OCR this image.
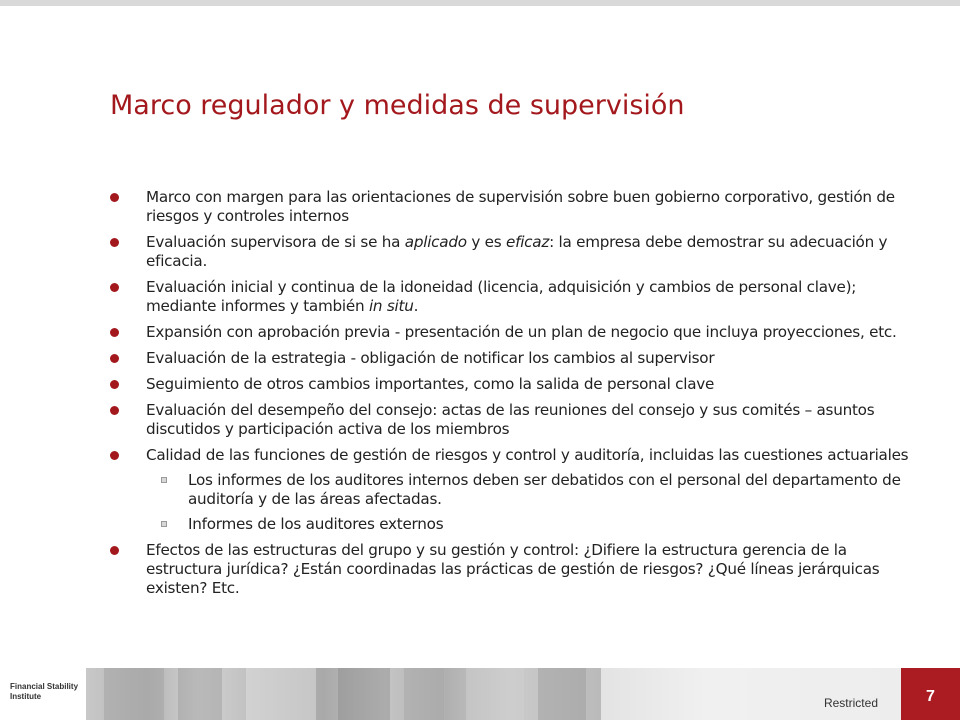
Marco regulador y medidas de supervisión
Marco con margen para las orientaciones de supervisión sobre buen gobierno corporativo, gestión de riesgos y controles internos
Evaluación supervisora de si se ha aplicado y es eficaz: la empresa debe demostrar su adecuación y eficacia.
Evaluación inicial y continua de la idoneidad (licencia, adquisición y cambios de personal clave); mediante informes y también in situ.
Expansión con aprobación previa - presentación de un plan de negocio que incluya proyecciones, etc.
Evaluación de la estrategia - obligación de notificar los cambios al supervisor
Seguimiento de otros cambios importantes, como la salida de personal clave
Evaluación del desempeño del consejo: actas de las reuniones del consejo y sus comités – asuntos discutidos y participación activa de los miembros
Calidad de las funciones de gestión de riesgos y control y auditoría, incluidas las cuestiones actuariales
Los informes de los auditores internos deben ser debatidos con el personal del departamento de auditoría y de las áreas afectadas.
Informes de los auditores externos
Efectos de las estructuras del grupo y su gestión y control: ¿Difiere la estructura gerencia de la estructura jurídica? ¿Están coordinadas las prácticas de gestión de riesgos? ¿Qué líneas jerárquicas existen? Etc.
Financial Stability
Institute	Restricted	7
